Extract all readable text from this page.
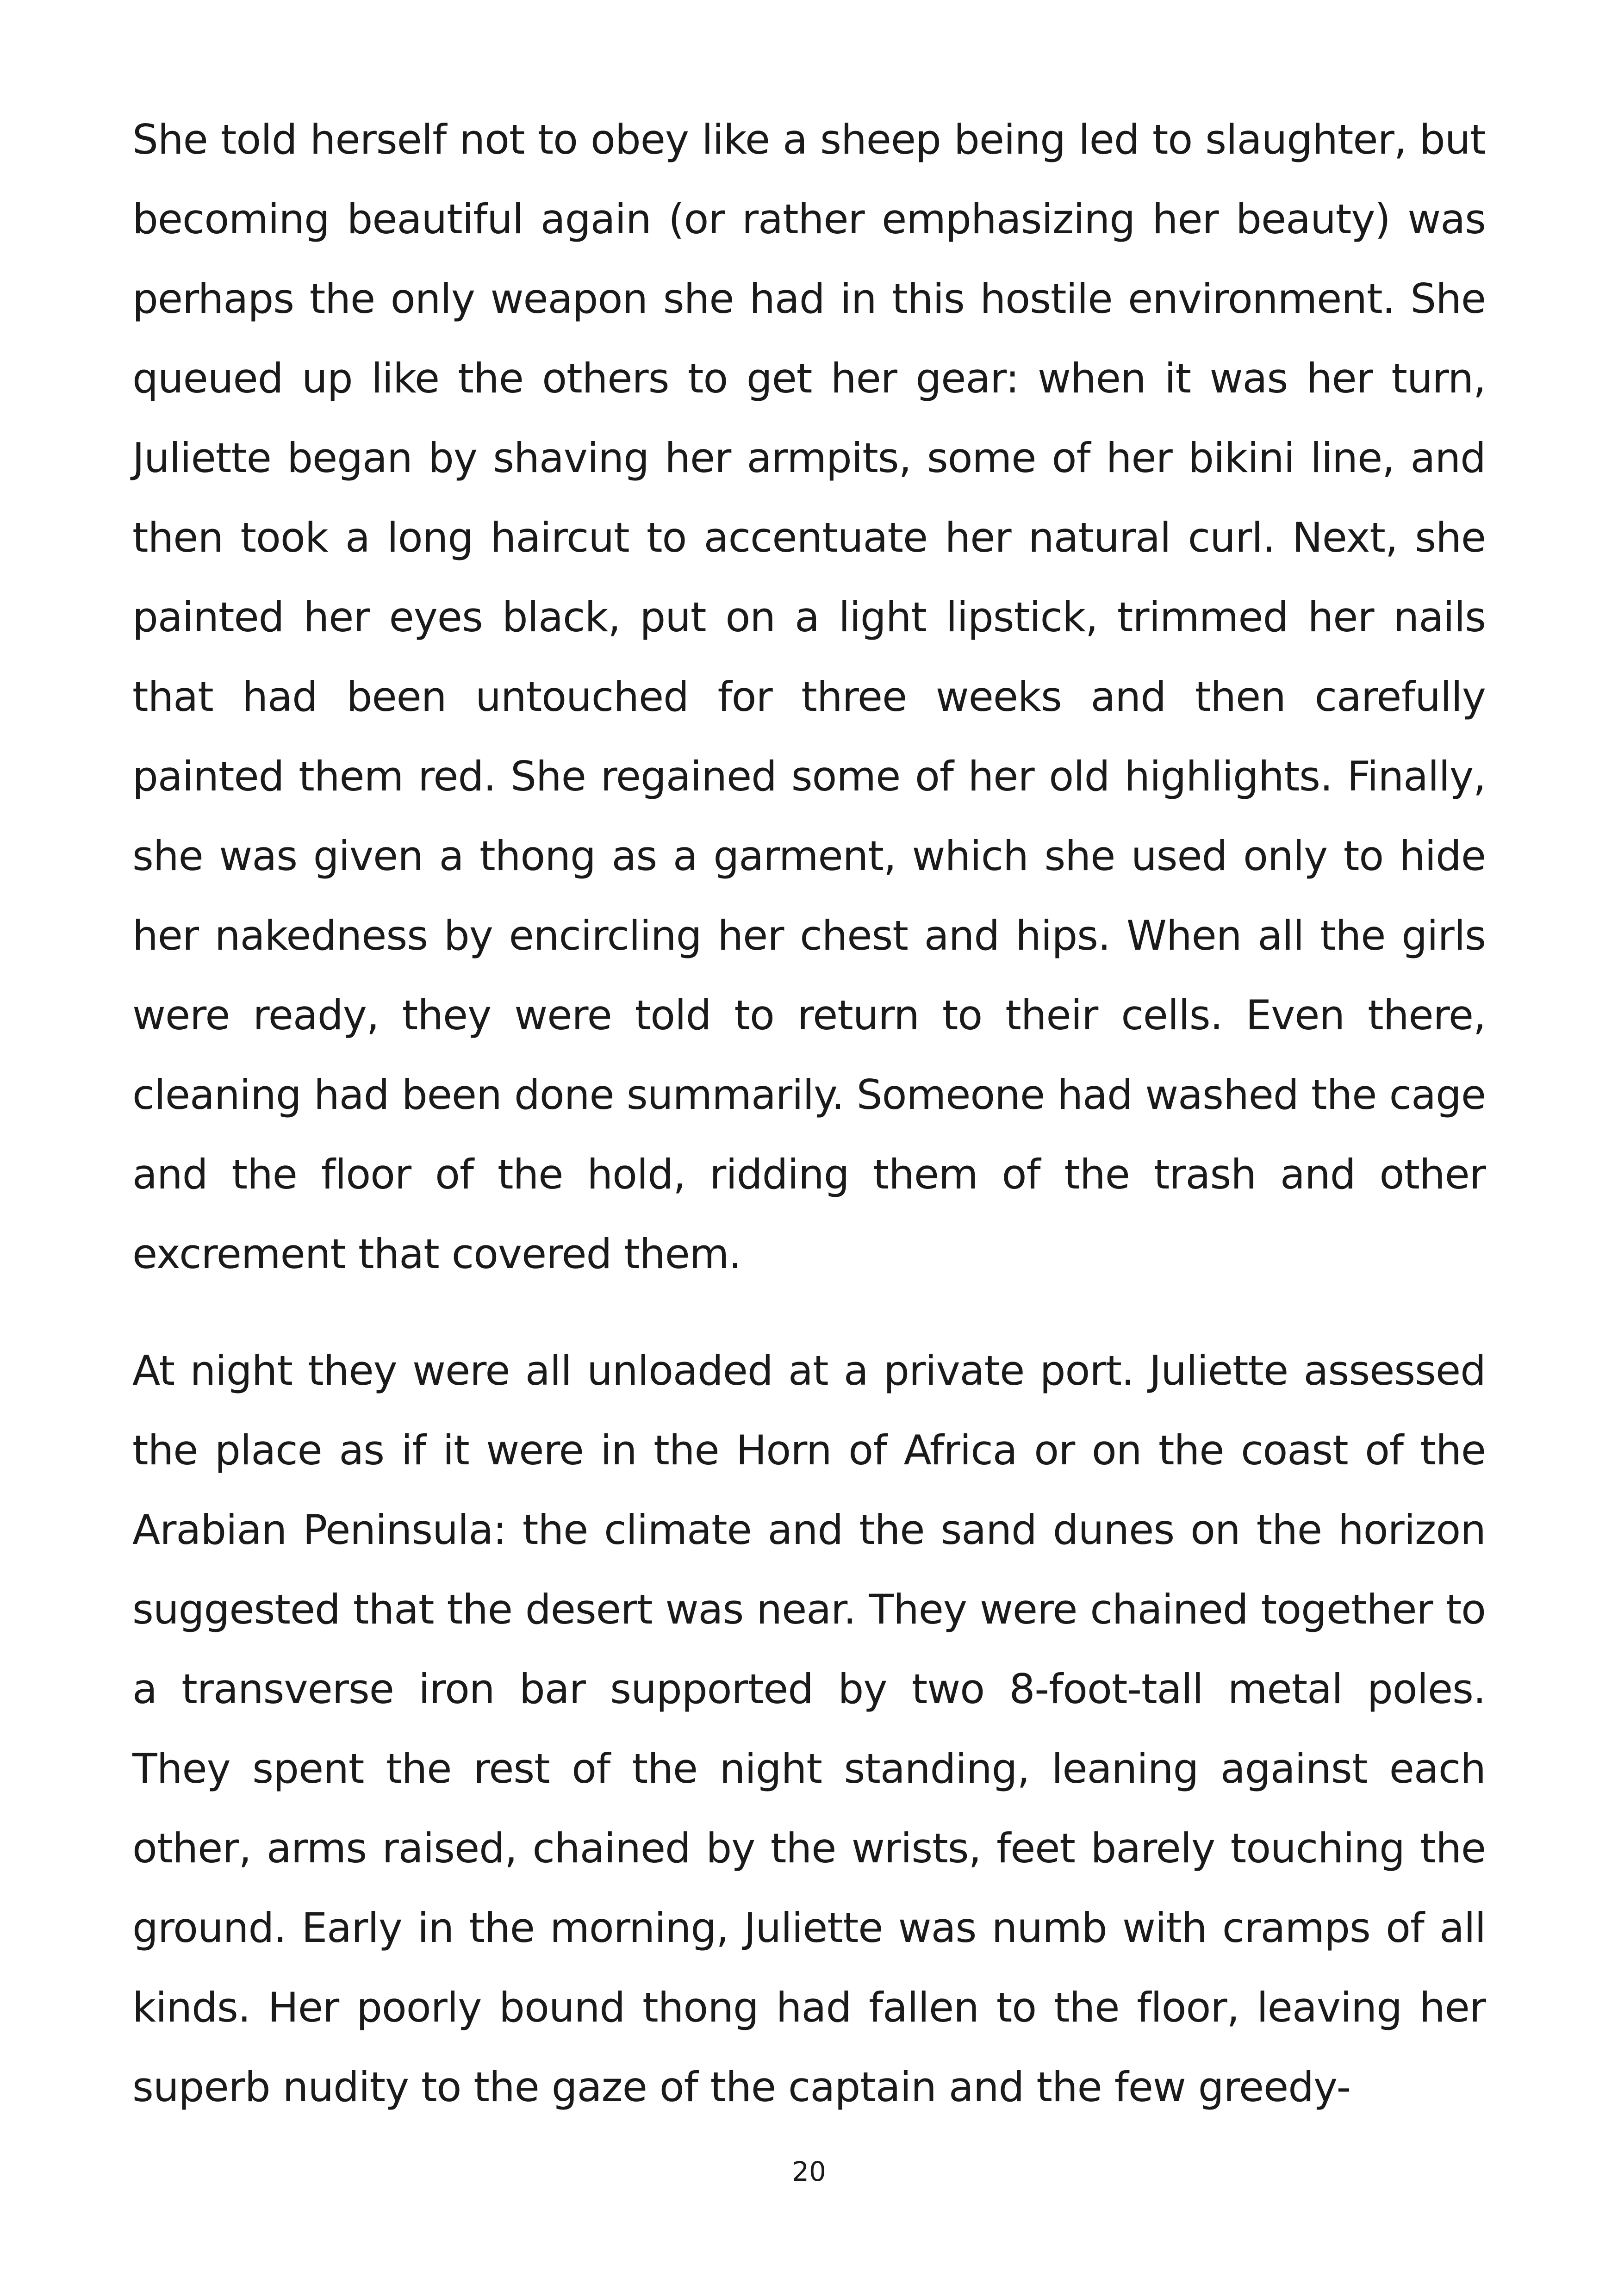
She told herself not to obey like a sheep being led to slaughter, but becoming beautiful again (or rather emphasizing her beauty) was perhaps the only weapon she had in this hostile environment. She queued up like the others to get her gear: when it was her turn, Juliette began by shaving her armpits, some of her bikini line, and then took a long haircut to accentuate her natural curl. Next, she painted her eyes black, put on a light lipstick, trimmed her nails that had been untouched for three weeks and then carefully painted them red. She regained some of her old highlights. Finally, she was given a thong as a garment, which she used only to hide her nakedness by encircling her chest and hips. When all the girls were ready, they were told to return to their cells. Even there, cleaning had been done summarily. Someone had washed the cage and the floor of the hold, ridding them of the trash and other excrement that covered them.

At night they were all unloaded at a private port. Juliette assessed the place as if it were in the Horn of Africa or on the coast of the Arabian Peninsula: the climate and the sand dunes on the horizon suggested that the desert was near. They were chained together to a transverse iron bar supported by two 8-foot-tall metal poles. They spent the rest of the night standing, leaning against each other, arms raised, chained by the wrists, feet barely touching the ground. Early in the morning, Juliette was numb with cramps of all kinds. Her poorly bound thong had fallen to the floor, leaving her superb nudity to the gaze of the captain and the few greedy-

20
